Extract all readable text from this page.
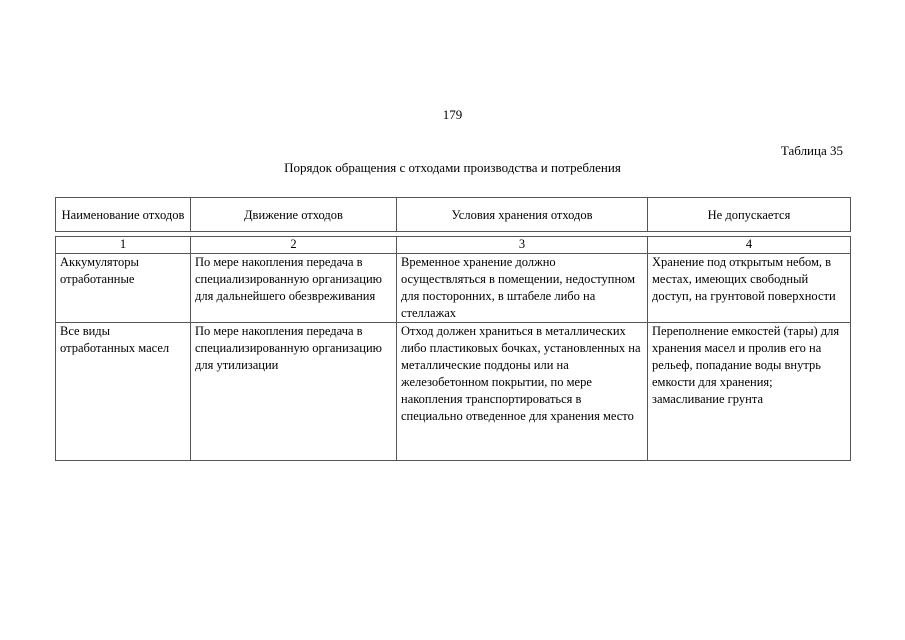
179
Таблица 35
Порядок обращения с отходами производства и потребления
Наименование отходов	Движение отходов	Условия хранения отходов	Не допускается

1	2	3	4
Аккумуляторы отработанные	По мере накопления передача в специализированную организацию для дальнейшего обезвреживания	Временное хранение должно осуществляться в помещении, недоступном для посторонних, в штабеле либо на стеллажах	Хранение под открытым небом, в местах, имеющих свободный доступ, на грунтовой поверхности
Все виды отработанных масел	По мере накопления передача в специализированную организацию для утилизации	Отход должен храниться в металлических либо пластиковых бочках, установленных на металлические поддоны или на железобетонном покрытии, по мере накопления транспортироваться в специально отведенное для хранения место	Переполнение емкостей (тары) для хранения масел и пролив его на рельеф, попадание воды внутрь емкости для хранения; замасливание грунта
